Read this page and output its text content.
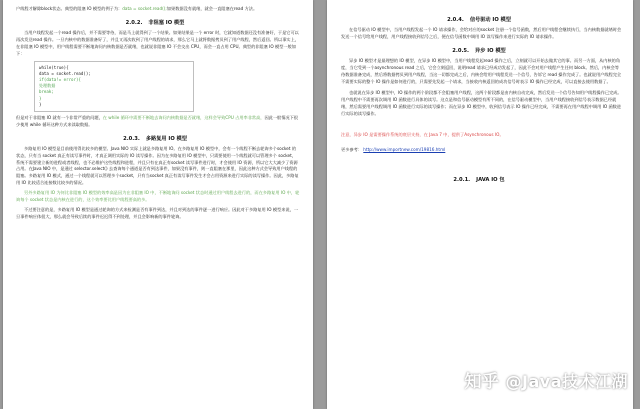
户线程才解除block状态。典型的阻塞 IO 模型的例子为：data = socket.read();如果数据没有就绪，就会一直阻塞在read 方法。

2.0.2. 非阻塞 IO 模型

当用户线程发起一个read 操作后，并不需要等待，而是马上就得到了一个结果。如果结果是一个 error 时，它就知道数据还没有准备好，于是它可以再次发送read 操作。一旦内核中的数据准备好了，并且又再次收到了用户线程的请求，那么它马上就将数据拷贝到了用户线程，然后返回。所以事实上，在非阻塞 IO 模型中，用户线程需要不断地询问内核数据是否就绪，也就说非阻塞 IO 不会交出 CPU，而会一直占用 CPU。典型的非阻塞 IO 模型一般如下：

while(true){
data = socket.read();
if(data!= error){
处理数据
break;
}
}

但是对于非阻塞 IO 就有一个非常严重的问题，在 while 循环中需要不断地去询问内核数据是否就绪，这样会导致CPU 占用率非常高，因此一般情况下很少使用 while 循环这种方式来读取数据。

2.0.3. 多路复用 IO 模型

多路复用 IO 模型是目前使用得比较多的模型。Java NIO 实际上就是多路复用 IO。在多路复用 IO 模型中，会有一个线程不断去轮询多个socket 的状态，只有当 socket 真正有读写事件时，才真正调用实际的 IO 读写操作。因为在多路复用 IO 模型中，只需要使用一个线程就可以管理多个 socket，系统不需要建立新的进程或者线程，也不必维护这些线程和进程，并且只有在真正有socket 读写事件进行时，才会使用 IO 资源，所以它大大减少了资源占用。在Java NIO 中，是通过 selector.select() 去查询每个通道是否有到达事件，如果没有事件，则一直阻塞在那里，因此这种方式会导致用户线程的阻塞。多路复用 IO 模式，通过一个线程就可以管理多个socket，只有当socket 真正有读写事件发生才会占用资源来进行实际的读写操作。因此，多路复用 IO 比较适合连接数比较多的情况。

另外多路复用 IO 为何比非阻塞 IO 模型的效率高是因为在非阻塞 IO 中，不断地询问 socket 状态时通过用户线程去进行的，而在多路复用 IO 中，轮询每个 socket 状态是内核在进行的，这个效率要比用户线程要高的多。

不过要注意的是，多路复用 IO 模型是通过轮询的方式来检测是否有事件到达，并且对到达的事件逐一进行响应。因此对于多路复用 IO 模型来说，一旦事件响应体很大，那么就会导致后续的事件迟迟得不到处理，并且会影响新的事件轮询。

2.0.4. 信号驱动 IO 模型

在信号驱动 IO 模型中，当用户线程发起一个 IO 请求操作，会给对应的socket 注册一个信号函数，然后用户线程会继续执行，当内核数据就绪时会发送一个信号给用户线程，用户线程接收到信号之后，便在信号函数中调用 IO 读写操作来进行实际的 IO 请求操作。

2.0.5. 异步 IO 模型

异步 IO 模型才是最理想的 IO 模型，在异步 IO 模型中，当用户线程发起read 操作之后，立刻就可以开始去做其它的事。而另一方面，从内核的角度，当它受到一个asynchronous read 之后，它会立刻返回，说明read 请求已经成功发起了，因此不会对用户线程产生任何 block。然后，内核会等待数据准备完成，然后将数据拷贝到用户线程，当这一切都完成之后，内核会给用户线程发送一个信号，告诉它 read 操作完成了。也就说用户线程完全不需要实际的整个 IO 操作是如何进行的，只需要先发起一个请求，当接收内核返回的成功信号时表示 IO 操作已经完成，可以直接去使用数据了。

也就说在异步 IO 模型中，IO 操作的两个阶段都不会阻塞用户线程，这两个阶段都是由内核自动完成，然后发送一个信号告知用户线程操作已完成。用户线程中不需要再次调用 IO 函数进行具体的读写。这点是和信号驱动模型有所不同的，在信号驱动模型中，当用户线程接收到信号表示数据已经就绪，然后需要用户线程调用 IO 函数进行实际的读写操作；而在异步 IO 模型中，收到信号表示 IO 操作已经完成，不需要再在用户线程中调用 IO 函数进行实际的读写操作。

注意，异步 IO 是需要操作系统的底层支持，在 Java 7 中，提供了Asynchronous IO。

更多参考： http://www.importnew.com/19816.html

2.0.1. JAVA IO 包
知乎 @Java技术江湖
